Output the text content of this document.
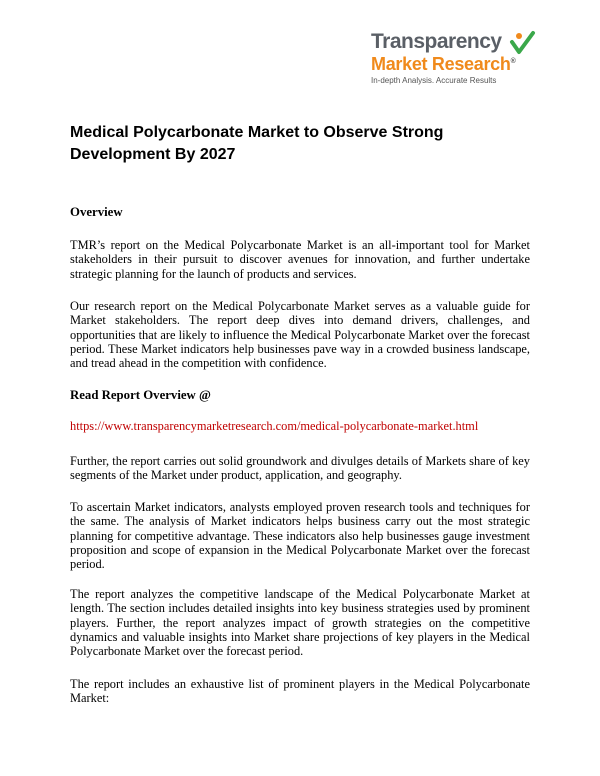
Transparency
Market Research®
In-depth Analysis. Accurate Results
Medical Polycarbonate Market to Observe Strong Development By 2027
Overview
TMR’s report on the Medical Polycarbonate Market is an all-important tool for Market stakeholders in their pursuit to discover avenues for innovation, and further undertake strategic planning for the launch of products and services.
Our research report on the Medical Polycarbonate Market serves as a valuable guide for Market stakeholders. The report deep dives into demand drivers, challenges, and opportunities that are likely to influence the Medical Polycarbonate Market over the forecast period. These Market indicators help businesses pave way in a crowded business landscape, and tread ahead in the competition with confidence.
Read Report Overview @
https://www.transparencymarketresearch.com/medical-polycarbonate-market.html
Further, the report carries out solid groundwork and divulges details of Markets share of key segments of the Market under product, application, and geography.
To ascertain Market indicators, analysts employed proven research tools and techniques for the same. The analysis of Market indicators helps business carry out the most strategic planning for competitive advantage. These indicators also help businesses gauge investment proposition and scope of expansion in the Medical Polycarbonate Market over the forecast period.
The report analyzes the competitive landscape of the Medical Polycarbonate Market at length. The section includes detailed insights into key business strategies used by prominent players. Further, the report analyzes impact of growth strategies on the competitive dynamics and valuable insights into Market share projections of key players in the Medical Polycarbonate Market over the forecast period.
The report includes an exhaustive list of prominent players in the Medical Polycarbonate Market:
